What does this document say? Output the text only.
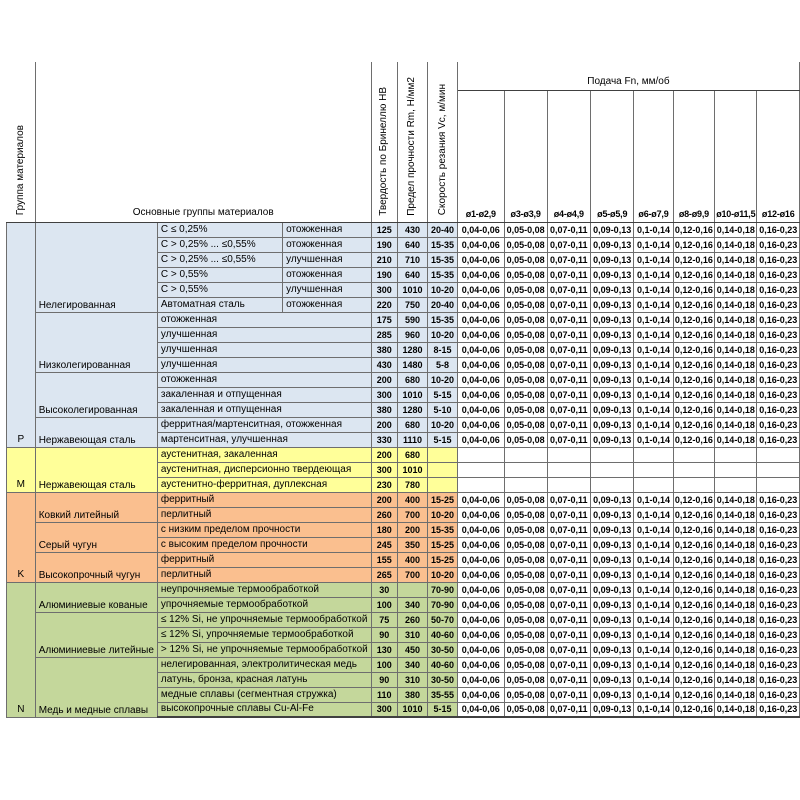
Группа материалов	Основные группы материалов			Твердость по Бринеллю НВ	Предел прочности Rm, Н/мм2	Скорость резания Vc, м/мин	Подача Fn, мм/об							
							ø1-ø2,9	ø3-ø3,9	ø4-ø4,9	ø5-ø5,9	ø6-ø7,9	ø8-ø9,9	ø10-ø11,5	ø12-ø16
P	Нелегированная	C ≤ 0,25%	отожженная	125	430	20-40	0,04-0,06	0,05-0,08	0,07-0,11	0,09-0,13	0,1-0,14	0,12-0,16	0,14-0,18	0,16-0,23
		C > 0,25% ... ≤0,55%	отожженная	190	640	15-35	0,04-0,06	0,05-0,08	0,07-0,11	0,09-0,13	0,1-0,14	0,12-0,16	0,14-0,18	0,16-0,23
		C > 0,25% ... ≤0,55%	улучшенная	210	710	15-35	0,04-0,06	0,05-0,08	0,07-0,11	0,09-0,13	0,1-0,14	0,12-0,16	0,14-0,18	0,16-0,23
		C > 0,55%	отожженная	190	640	15-35	0,04-0,06	0,05-0,08	0,07-0,11	0,09-0,13	0,1-0,14	0,12-0,16	0,14-0,18	0,16-0,23
		C > 0,55%	улучшенная	300	1010	10-20	0,04-0,06	0,05-0,08	0,07-0,11	0,09-0,13	0,1-0,14	0,12-0,16	0,14-0,18	0,16-0,23
		Автоматная сталь	отожженная	220	750	20-40	0,04-0,06	0,05-0,08	0,07-0,11	0,09-0,13	0,1-0,14	0,12-0,16	0,14-0,18	0,16-0,23
	Низколегированная	отожженная		175	590	15-35	0,04-0,06	0,05-0,08	0,07-0,11	0,09-0,13	0,1-0,14	0,12-0,16	0,14-0,18	0,16-0,23
		улучшенная		285	960	10-20	0,04-0,06	0,05-0,08	0,07-0,11	0,09-0,13	0,1-0,14	0,12-0,16	0,14-0,18	0,16-0,23
		улучшенная		380	1280	8-15	0,04-0,06	0,05-0,08	0,07-0,11	0,09-0,13	0,1-0,14	0,12-0,16	0,14-0,18	0,16-0,23
		улучшенная		430	1480	5-8	0,04-0,06	0,05-0,08	0,07-0,11	0,09-0,13	0,1-0,14	0,12-0,16	0,14-0,18	0,16-0,23
	Высоколегированная	отожженная		200	680	10-20	0,04-0,06	0,05-0,08	0,07-0,11	0,09-0,13	0,1-0,14	0,12-0,16	0,14-0,18	0,16-0,23
		закаленная и отпущенная		300	1010	5-15	0,04-0,06	0,05-0,08	0,07-0,11	0,09-0,13	0,1-0,14	0,12-0,16	0,14-0,18	0,16-0,23
		закаленная и отпущенная		380	1280	5-10	0,04-0,06	0,05-0,08	0,07-0,11	0,09-0,13	0,1-0,14	0,12-0,16	0,14-0,18	0,16-0,23
	Нержавеющая сталь	ферритная/мартенситная, отожженная		200	680	10-20	0,04-0,06	0,05-0,08	0,07-0,11	0,09-0,13	0,1-0,14	0,12-0,16	0,14-0,18	0,16-0,23
		мартенситная, улучшенная		330	1110	5-15	0,04-0,06	0,05-0,08	0,07-0,11	0,09-0,13	0,1-0,14	0,12-0,16	0,14-0,18	0,16-0,23
M	Нержавеющая сталь	аустенитная, закаленная		200	680									
		аустенитная, дисперсионно твердеющая		300	1010									
		аустенитно-ферритная, дуплексная		230	780									
K	Ковкий литейный	ферритный		200	400	15-25	0,04-0,06	0,05-0,08	0,07-0,11	0,09-0,13	0,1-0,14	0,12-0,16	0,14-0,18	0,16-0,23
		перлитный		260	700	10-20	0,04-0,06	0,05-0,08	0,07-0,11	0,09-0,13	0,1-0,14	0,12-0,16	0,14-0,18	0,16-0,23
	Серый чугун	с низким пределом прочности		180	200	15-35	0,04-0,06	0,05-0,08	0,07-0,11	0,09-0,13	0,1-0,14	0,12-0,16	0,14-0,18	0,16-0,23
		с высоким пределом прочности		245	350	15-25	0,04-0,06	0,05-0,08	0,07-0,11	0,09-0,13	0,1-0,14	0,12-0,16	0,14-0,18	0,16-0,23
	Высокопрочный чугун	ферритный		155	400	15-25	0,04-0,06	0,05-0,08	0,07-0,11	0,09-0,13	0,1-0,14	0,12-0,16	0,14-0,18	0,16-0,23
		перлитный		265	700	10-20	0,04-0,06	0,05-0,08	0,07-0,11	0,09-0,13	0,1-0,14	0,12-0,16	0,14-0,18	0,16-0,23
N	Алюминиевые кованые	неупрочняемые термообработкой		30		70-90	0,04-0,06	0,05-0,08	0,07-0,11	0,09-0,13	0,1-0,14	0,12-0,16	0,14-0,18	0,16-0,23
		упрочняемые термообработкой		100	340	70-90	0,04-0,06	0,05-0,08	0,07-0,11	0,09-0,13	0,1-0,14	0,12-0,16	0,14-0,18	0,16-0,23
	Алюминиевые литейные	≤ 12% Si, не упрочняемые термообработкой		75	260	50-70	0,04-0,06	0,05-0,08	0,07-0,11	0,09-0,13	0,1-0,14	0,12-0,16	0,14-0,18	0,16-0,23
		≤ 12% Si, упрочняемые термообработкой		90	310	40-60	0,04-0,06	0,05-0,08	0,07-0,11	0,09-0,13	0,1-0,14	0,12-0,16	0,14-0,18	0,16-0,23
		> 12% Si, не упрочняемые термообработкой		130	450	30-50	0,04-0,06	0,05-0,08	0,07-0,11	0,09-0,13	0,1-0,14	0,12-0,16	0,14-0,18	0,16-0,23
	Медь и медные сплавы	нелегированная, электролитическая медь		100	340	40-60	0,04-0,06	0,05-0,08	0,07-0,11	0,09-0,13	0,1-0,14	0,12-0,16	0,14-0,18	0,16-0,23
		латунь, бронза, красная латунь		90	310	30-50	0,04-0,06	0,05-0,08	0,07-0,11	0,09-0,13	0,1-0,14	0,12-0,16	0,14-0,18	0,16-0,23
		медные сплавы (сегментная стружка)		110	380	35-55	0,04-0,06	0,05-0,08	0,07-0,11	0,09-0,13	0,1-0,14	0,12-0,16	0,14-0,18	0,16-0,23
		высокопрочные сплавы Cu-Al-Fe		300	1010	5-15	0,04-0,06	0,05-0,08	0,07-0,11	0,09-0,13	0,1-0,14	0,12-0,16	0,14-0,18	0,16-0,23
